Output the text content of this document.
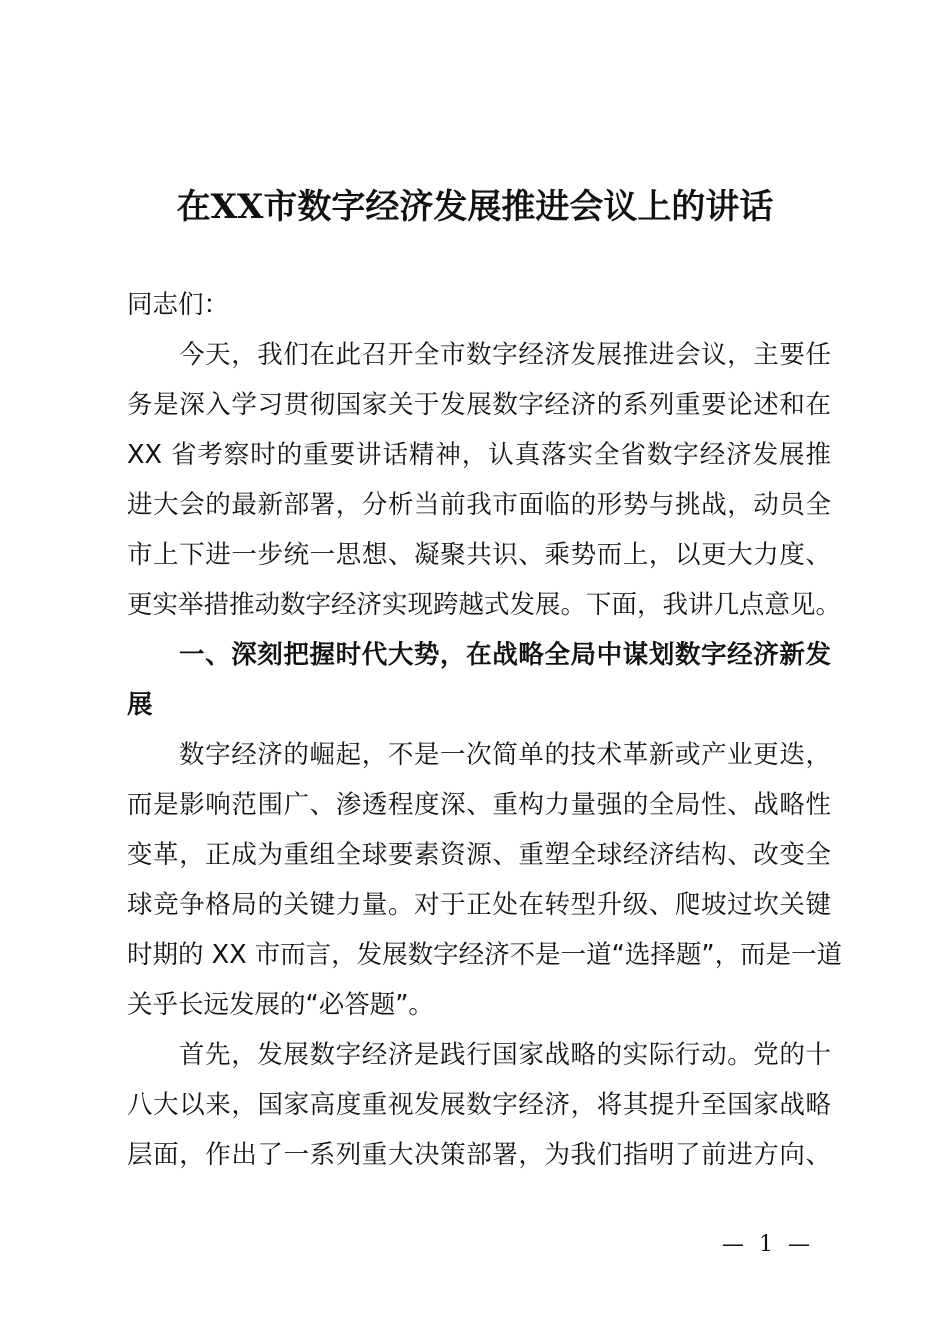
在XX市数字经济发展推进会议上的讲话
同志们：
今天，我们在此召开全市数字经济发展推进会议，主要任
务是深入学习贯彻国家关于发展数字经济的系列重要论述和在
XX 省考察时的重要讲话精神，认真落实全省数字经济发展推
进大会的最新部署，分析当前我市面临的形势与挑战，动员全
市上下进一步统一思想、凝聚共识、乘势而上，以更大力度、
更实举措推动数字经济实现跨越式发展。下面，我讲几点意见。
一、深刻把握时代大势，在战略全局中谋划数字经济新发
展
数字经济的崛起，不是一次简单的技术革新或产业更迭，
而是影响范围广、渗透程度深、重构力量强的全局性、战略性
变革，正成为重组全球要素资源、重塑全球经济结构、改变全
球竞争格局的关键力量。对于正处在转型升级、爬坡过坎关键
时期的 XX 市而言，发展数字经济不是一道“选择题”，而是一道
关乎长远发展的“必答题”。
首先，发展数字经济是践行国家战略的实际行动。党的十
八大以来，国家高度重视发展数字经济，将其提升至国家战略
层面，作出了一系列重大决策部署，为我们指明了前进方向、
— 1 —
